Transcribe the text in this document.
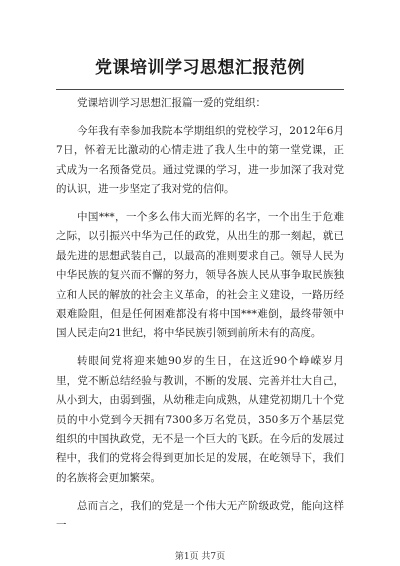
党课培训学习思想汇报范例

党课培训学习思想汇报篇一爱的党组织：

今年我有幸参加我院本学期组织的党校学习，2012年6月7日，怀着无比激动的心情走进了我人生中的第一堂党课，正式成为一名预备党员。通过党课的学习，进一步加深了我对党的认识，进一步坚定了我对党的信仰。

中国***，一个多么伟大而光辉的名字，一个出生于危难之际，以引振兴中华为己任的政党，从出生的那一刻起，就已最先进的思想武装自己，以最高的准则要求自己。领导人民为中华民族的复兴而不懈的努力，领导各族人民从事争取民族独立和人民的解放的社会主义革命，的社会主义建设，一路历经艰难险阻，但是任何困难都没有将中国***难倒，最终带领中国人民走向21世纪，将中华民族引领到前所未有的高度。

转眼间党将迎来她90岁的生日，在这近90个峥嵘岁月里，党不断总结经验与教训，不断的发展、完善并壮大自己，从小到大，由弱到强，从幼稚走向成熟，从建党初期几十个党员的中小党到今天拥有7300多万名党员，350多万个基层党组织的中国执政党，无不是一个巨大的飞跃。在今后的发展过程中，我们的党将会得到更加长足的发展，在屹领导下，我们的名族将会更加繁荣。

总而言之，我们的党是一个伟大无产阶级政党，能向这样一

第1页 共7页
